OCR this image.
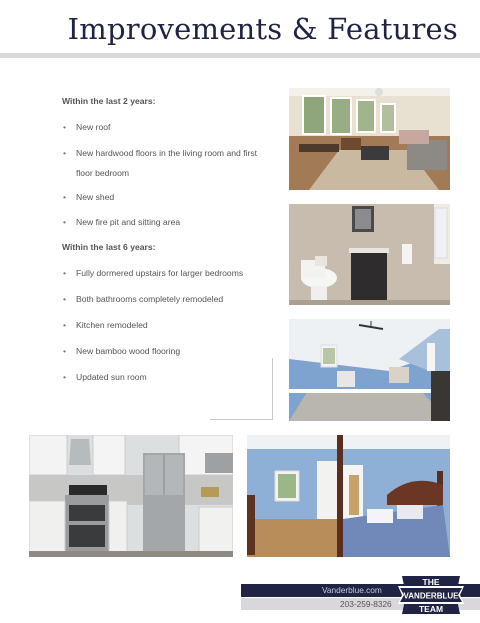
Improvements & Features
Within the last 2 years:
• New roof
• New hardwood floors in the living room and first floor bedroom
• New shed
• New fire pit and sitting area
Within the last 6 years:
• Fully dormered upstairs for larger bedrooms
• Both bathrooms completely remodeled
• Kitchen remodeled
• New bamboo wood flooring
• Updated sun room
Vanderblue.com
203-259-8326
THE
VANDERBLUE
TEAM
